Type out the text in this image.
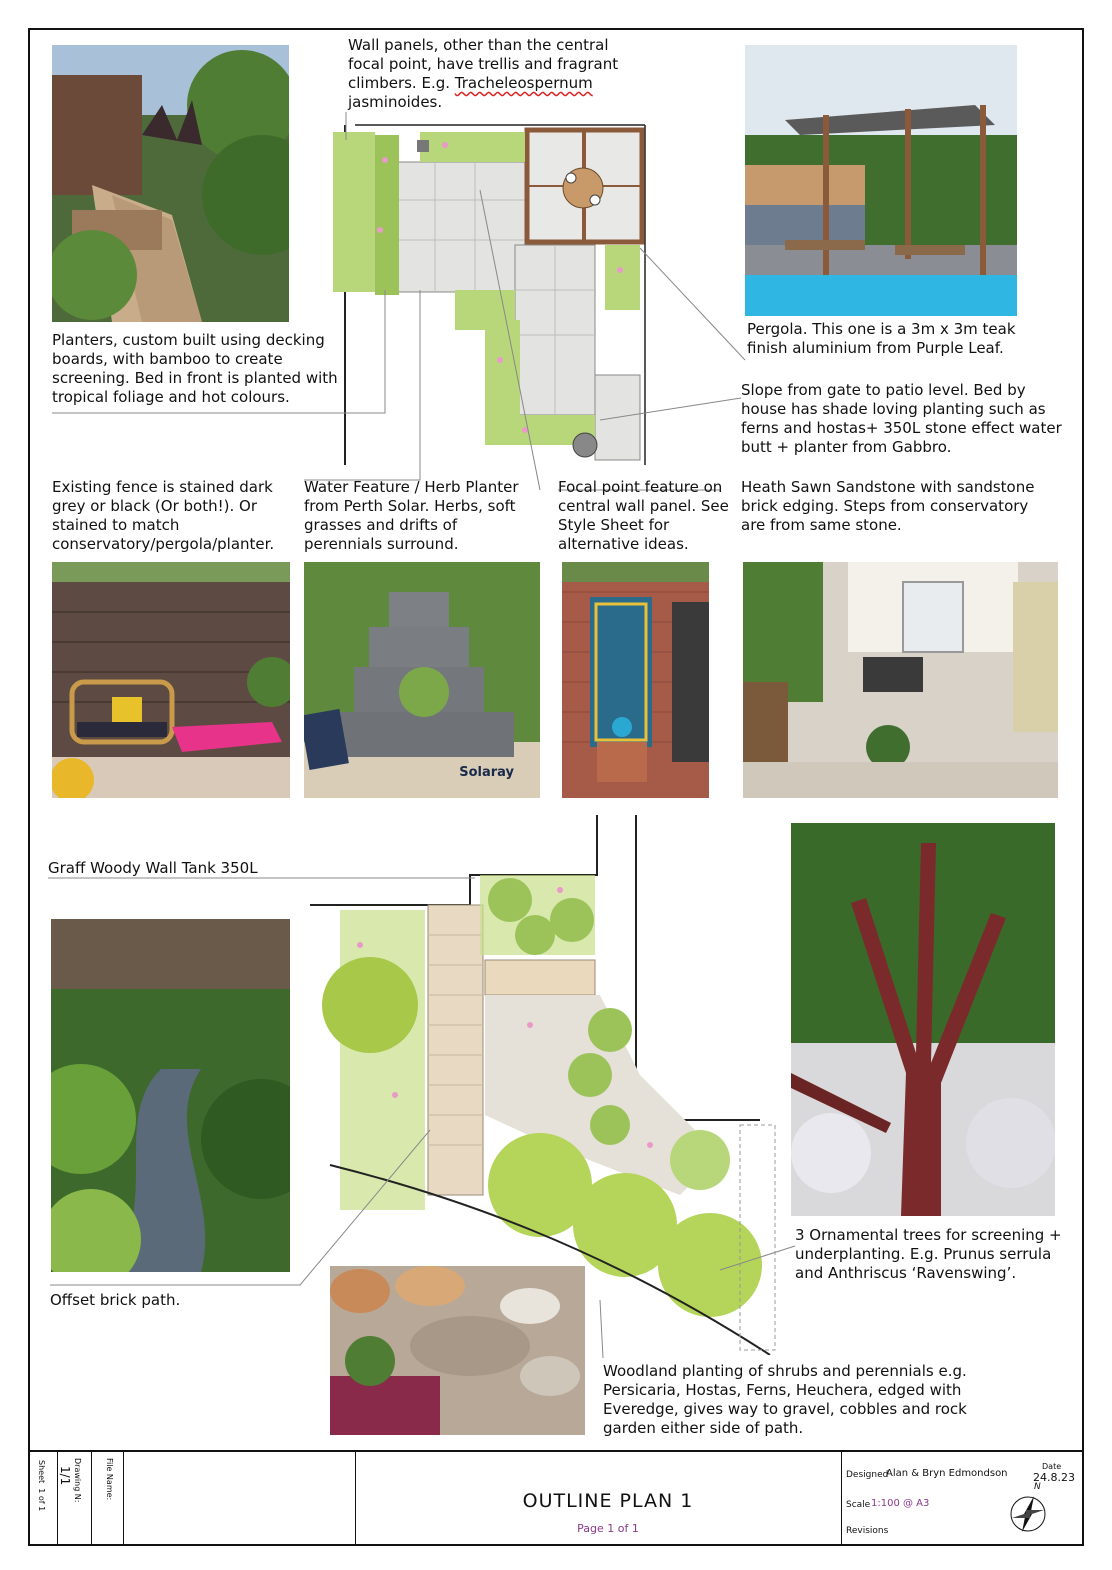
Solaray
Wall panels, other than the central focal point, have trellis and fragrant climbers. E.g. Tracheleospernum jasminoides.
Planters, custom built using decking boards, with bamboo to create screening. Bed in front is planted with tropical foliage and hot colours.
Pergola. This one is a 3m x 3m teak finish aluminium from Purple Leaf.
Slope from gate to patio level. Bed by house has shade loving planting such as ferns and hostas+ 350L stone effect water butt + planter from Gabbro.
Existing fence is stained dark grey or black (Or both!). Or stained to match conservatory/pergola/planter.
Water Feature / Herb Planter from Perth Solar. Herbs, soft grasses and drifts of perennials surround.
Focal point feature on central wall panel. See Style Sheet for alternative ideas.
Heath Sawn Sandstone with sandstone brick edging. Steps from conservatory are from same stone.
Graff Woody Wall Tank 350L
Offset brick path.
3 Ornamental trees for screening + underplanting. E.g. Prunus serrula and Anthriscus ‘Ravenswing’.
Woodland planting of shrubs and perennials e.g. Persicaria, Hostas, Ferns, Heuchera, edged with Everedge, gives way to gravel, cobbles and rock garden either side of path.
Sheet  1 of 1	Drawing N:
1/1	File Name:
OUTLINE PLAN 1
Page 1 of 1
Designed
Alan & Bryn Edmondson
Date
24.8.23
Scale 1:100 @ A3
Revisions
N
